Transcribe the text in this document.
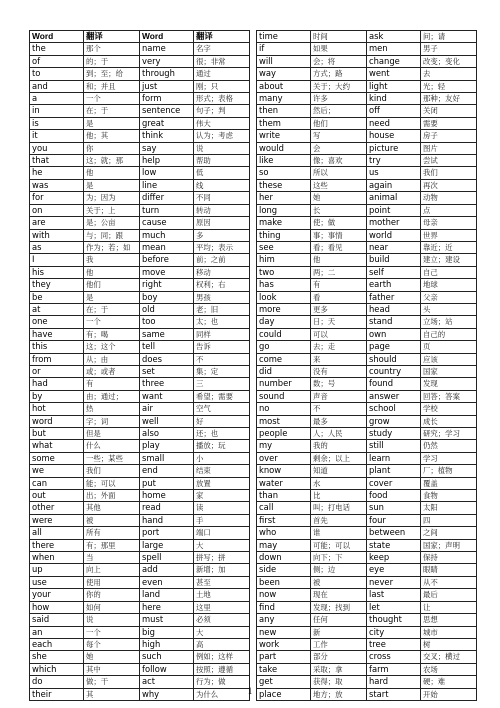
Word	翻译	Word	翻译
the	那个	name	名字
of	的；于	very	很；非常
to	到；至；给	through	通过
and	和；并且	just	刚；只
a	一个	form	形式；表格
in	在；于	sentence	句子；判
is	是	great	伟大
it	他；其	think	认为；考虑
you	你	say	说
that	这；就；那	help	帮助
he	他	low	低
was	是	line	线
for	为；因为	differ	不同
on	关于；上	turn	转动
are	是；公亩	cause	原因
with	与；同；跟	much	多
as	作为；若；如	mean	平均；表示
I	我	before	前；之前
his	他	move	移动
they	他们	right	权利；右
be	是	boy	男孩
at	在；于	old	老；旧
one	一个	too	太；也
have	有；喝	same	同样
this	这；这个	tell	告诉
from	从；由	does	不
or	或；或者	set	集；定
had	有	three	三
by	由；通过；	want	希望；需要
hot	热	air	空气
word	字；词	well	好
but	但是	also	还；也
what	什么	play	播放；玩
some	一些；某些	small	小
we	我们	end	结束
can	能；可以	put	放置
out	出；外面	home	家
other	其他	read	读
were	被	hand	手
all	所有	port	端口
there	有；那里	large	大
when	当	spell	拼写；拼
up	向上	add	新增；加
use	使用	even	甚至
your	你的	land	土地
how	如何	here	这里
said	说	must	必须
an	一个	big	大
each	每个	high	高
she	她	such	例如；这样
which	其中	follow	按照；遵循
do	做；干	act	行为；做
their	其	why	为什么
time	时间	ask	问；请
if	如果	men	男子
will	会；将	change	改变；变化
way	方式；路	went	去
about	关于；大约	light	光；轻
many	许多	kind	那种；友好
then	然后；	off	关闭
them	他们	need	需要
write	写	house	房子
would	会	picture	图片
like	像；喜欢	try	尝试
so	所以	us	我们
these	这些	again	再次
her	她	animal	动物
long	长	point	点
make	使；做	mother	母亲
thing	事；事情	world	世界
see	看；看见	near	靠近；近
him	他	build	建立；建设
two	两；二	self	自己
has	有	earth	地球
look	看	father	父亲
more	更多	head	头
day	日；天	stand	立场；站
could	可以	own	自己的
go	去；走	page	页
come	来	should	应该
did	没有	country	国家
number	数；号	found	发现
sound	声音	answer	回答；答案
no	不	school	学校
most	最多	grow	成长
people	人；人民	study	研究；学习
my	我的	still	仍然
over	剩余；以上	learn	学习
know	知道	plant	厂；植物
water	水	cover	覆盖
than	比	food	食物
call	叫；打电话	sun	太阳
first	首先	four	四
who	谁	between	之间
may	可能；可以	state	国家；声明
down	向下；下	keep	保持
side	侧；边	eye	眼睛
been	被	never	从不
now	现在	last	最后
find	发现；找到	let	让
any	任何	thought	思想
new	新	city	城市
work	工作	tree	树
part	部分	cross	交叉；横过
take	采取；拿	farm	农场
get	获得；取	hard	硬；难
place	地方；放	start	开始
1
